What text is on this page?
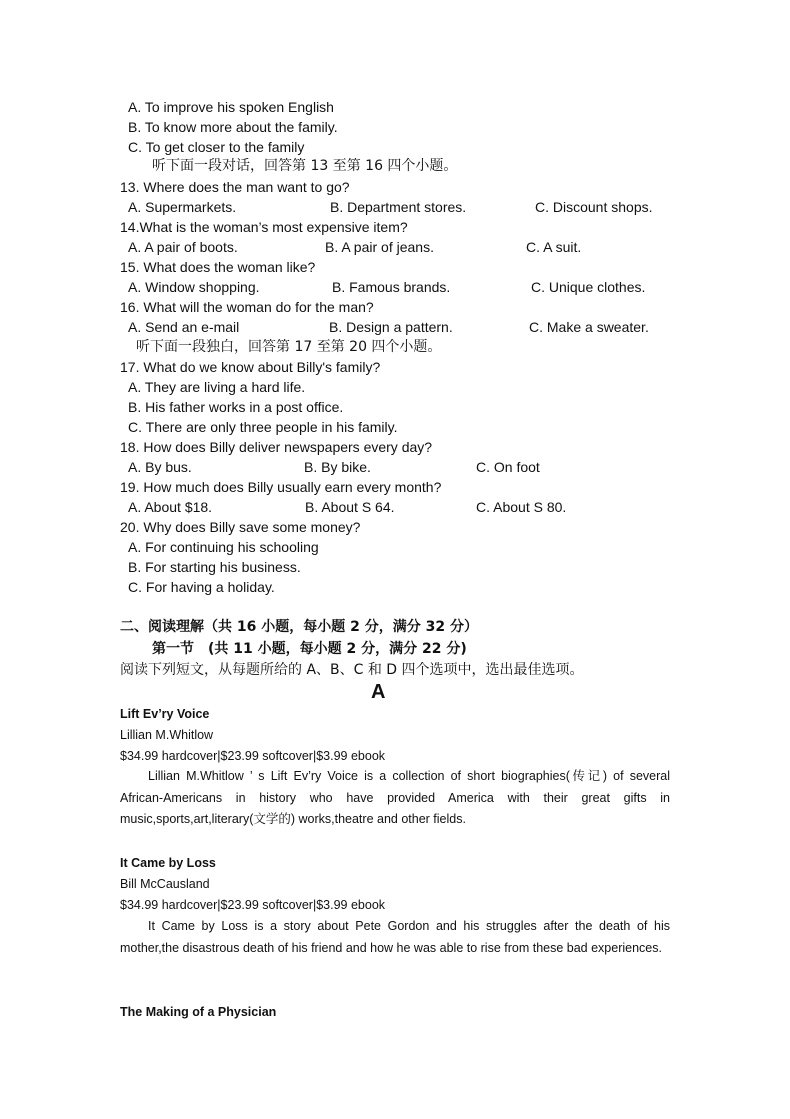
A. To improve his spoken English
B. To know more about the family.
C. To get closer to the family
听下面一段对话，回答第 13 至第 16 四个小题。
13. Where does the man want to go?
A. Supermarkets.	B. Department stores.	C. Discount shops.
14.What is the woman’s most expensive item?
A. A pair of boots.	B. A pair of jeans.	C. A suit.
15. What does the woman like?
A. Window shopping.	B. Famous brands.	C. Unique clothes.
16. What will the woman do for the man?
A. Send an e-mail	B. Design a pattern.	C. Make a sweater.
听下面一段独白，回答第 17 至第 20 四个小题。
17. What do we know about Billy's family?
A. They are living a hard life.
B. His father works in a post office.
C. There are only three people in his family.
18. How does Billy deliver newspapers every day?
A. By bus.	B. By bike.	C. On foot
19. How much does Billy usually earn every month?
A. About $18.	B. About S 64.	C. About S 80.
20. Why does Billy save some money?
A. For continuing his schooling
B. For starting his business.
C. For having a holiday.
二、阅读理解（共 16 小题，每小题 2 分，满分 32 分）
第一节　(共 11 小题，每小题 2 分，满分 22 分)
阅读下列短文，从每题所给的 A、B、C 和 D 四个选项中，选出最佳选项。
A
Lift Ev’ry Voice
Lillian M.Whitlow
$34.99 hardcover|$23.99 softcover|$3.99 ebook
Lillian M.Whitlow ’ s Lift Ev’ry Voice is a collection of short biographies(传记) of several African-Americans in history who have provided America with their great gifts in music,sports,art,literary(文学的) works,theatre and other fields.
It Came by Loss
Bill McCausland
$34.99 hardcover|$23.99 softcover|$3.99 ebook
It Came by Loss is a story about Pete Gordon and his struggles after the death of his mother,the disastrous death of his friend and how he was able to rise from these bad experiences.
The Making of a Physician
